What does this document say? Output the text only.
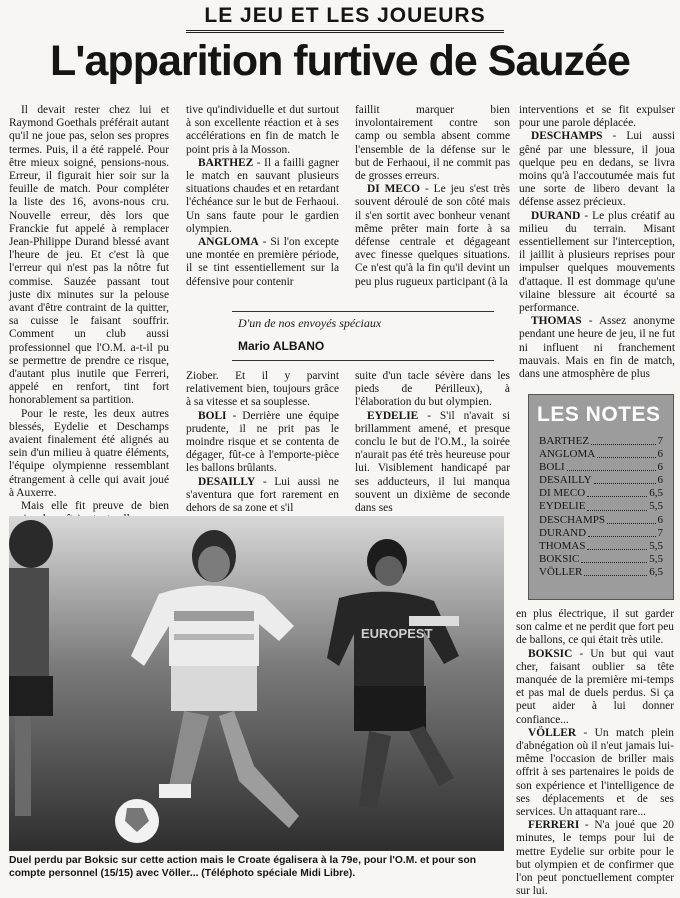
LE JEU ET LES JOUEURS
L'apparition furtive de Sauzée

Il devait rester chez lui et Raymond Goethals préférait autant qu'il ne joue pas, selon ses propres termes. Puis, il a été rappelé. Pour être mieux soigné, pensions-nous. Erreur, il figurait hier soir sur la feuille de match. Pour compléter la liste des 16, avons-nous cru. Nouvelle erreur, dès lors que Franckie fut appelé à remplacer Jean-Philippe Durand blessé avant l'heure de jeu. Et c'est là que l'erreur qui n'est pas la nôtre fut commise. Sauzée passant tout juste dix minutes sur la pelouse avant d'être contraint de la quitter, sa cuisse le faisant souffrir. Comment un club aussi professionnel que l'O.M. a-t-il pu se permettre de prendre ce risque, d'autant plus inutile que Ferreri, appelé en renfort, tint fort honorablement sa partition.

Pour le reste, les deux autres blessés, Eydelie et Deschamps avaient finalement été alignés au sein d'un milieu à quatre éléments, l'équipe olympienne ressemblant étrangement à celle qui avait joué à Auxerre.

Mais elle fit preuve de bien

tive qu'individuelle et dut surtout à son excellente réaction et à ses accélérations en fin de match le point pris à la Mosson.

BARTHEZ - Il a failli gagner le match en sauvant plusieurs situations chaudes et en retardant l'échéance sur le but de Ferhaoui. Un sans faute pour le gardien olympien.

ANGLOMA - Si l'on excepte une montée en première période, il se tint essentiellement sur la défensive pour contenir

faillit marquer bien involontairement contre son camp ou sembla absent comme l'ensemble de la défense sur le but de Ferhaoui, il ne commit pas de grosses erreurs.

DI MECO - Le jeu s'est très souvent déroulé de son côté mais il s'en sortit avec bonheur venant même prêter main forte à sa défense centrale et dégageant avec finesse quelques situations. Ce n'est qu'à la fin qu'il devint un peu plus rugueux participant (à la

D'un de nos envoyés spéciaux
Mario ALBANO

Ziober. Et il y parvint relativement bien, toujours grâce à sa vitesse et sa souplesse.

BOLI - Derrière une équipe prudente, il ne prit pas le moindre risque et se contenta de dégager, fût-ce à l'emporte-pièce les ballons brûlants.

DESAILLY - Lui aussi ne s'aventura que fort rarement en dehors de sa zone et s'il

suite d'un tacle sévère dans les pieds de Périlleux), à l'élaboration du but olympien.

EYDELIE - S'il n'avait si brillamment amené, et presque conclu le but de l'O.M., la soirée n'aurait pas été très heureuse pour lui. Visiblement handicapé par ses adducteurs, il lui manqua souvent un dixième de seconde dans ses

interventions et se fit expulser pour une parole déplacée.

DESCHAMPS - Lui aussi gêné par une blessure, il joua quelque peu en dedans, se livra moins qu'à l'accoutumée mais fut une sorte de libero devant la défense assez précieux.

DURAND - Le plus créatif au milieu du terrain. Misant essentiellement sur l'interception, il jaillit à plusieurs reprises pour impulser quelques mouvements d'attaque. Il est dommage qu'une vilaine blessure ait écourté sa performance.

THOMAS - Assez anonyme pendant une heure de jeu, il ne fut ni influent ni franchement mauvais. Mais en fin de match, dans une atmosphère de plus

LES NOTES
BARTHEZ	7
ANGLOMA	6
BOLI	6
DESAILLY	6
DI MECO	6,5
EYDELIE	5,5
DESCHAMPS	6
DURAND	7
THOMAS	5,5
BOKSIC	5,5
VÖLLER	6,5

en plus électrique, il sut garder son calme et ne perdit que fort peu de ballons, ce qui était très utile.

BOKSIC - Un but qui vaut cher, faisant oublier sa tête manquée de la première mi-temps et pas mal de duels perdus. Si ça peut aider à lui donner confiance...

VÖLLER - Un match plein d'abnégation où il n'eut jamais lui-même l'occasion de briller mais offrit à ses partenaires le poids de son expérience et l'intelligence de ses déplacements et de ses services. Un attaquant rare...

FERRERI - N'a joué que 20 minutes, le temps pour lui de mettre Eydelie sur orbite pour le but olympien et de confirmer que l'on peut ponctuellement compter sur lui.

EUROPEST
Duel perdu par Boksic sur cette action mais le Croate égalisera à la 79e, pour l'O.M. et pour son compte personnel (15/15) avec Völler... (Téléphoto spéciale Midi Libre).
